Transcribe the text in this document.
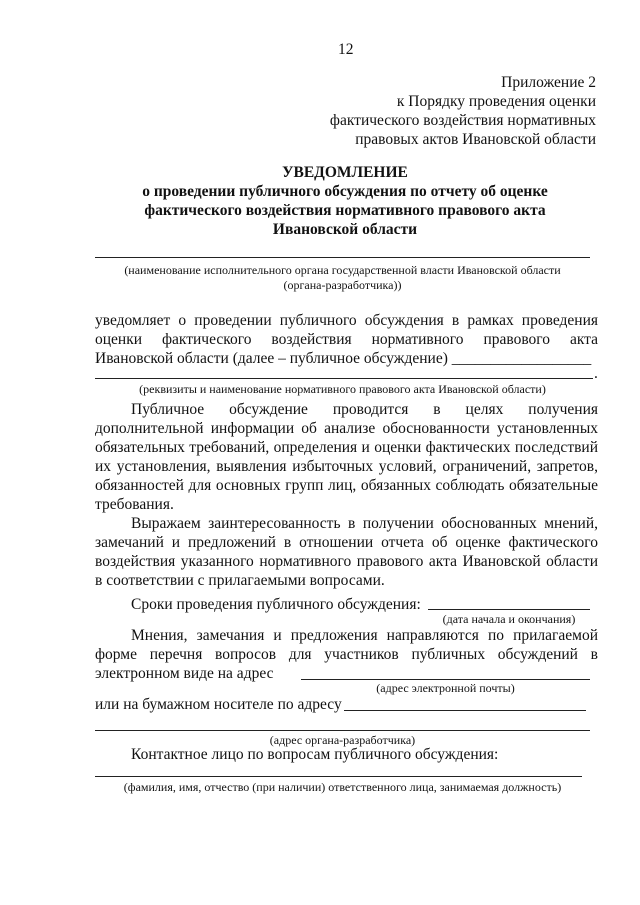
12
Приложение 2
к Порядку проведения оценки
фактического воздействия нормативных
правовых актов Ивановской области
УВЕДОМЛЕНИЕ
о проведении публичного обсуждения по отчету об оценке
фактического воздействия нормативного правового акта
Ивановской области
(наименование исполнительного органа государственной власти Ивановской области
(органа-разработчика))
уведомляет о проведении публичного обсуждения в рамках проведения
оценки фактического воздействия нормативного правового акта
Ивановской области (далее – публичное обсуждение) __________________
.
(реквизиты и наименование нормативного правового акта Ивановской области)
Публичное обсуждение проводится в целях получения
дополнительной информации об анализе обоснованности установленных
обязательных требований, определения и оценки фактических последствий
их установления, выявления избыточных условий, ограничений, запретов,
обязанностей для основных групп лиц, обязанных соблюдать обязательные
требования.
Выражаем заинтересованность в получении обоснованных мнений,
замечаний и предложений в отношении отчета об оценке фактического
воздействия указанного нормативного правового акта Ивановской области
в соответствии с прилагаемыми вопросами.
Сроки проведения публичного обсуждения:
(дата начала и окончания)
Мнения, замечания и предложения направляются по прилагаемой
форме перечня вопросов для участников публичных обсуждений в
электронном виде на адрес
(адрес электронной почты)
или на бумажном носителе по адресу
(адрес органа-разработчика)
Контактное лицо по вопросам публичного обсуждения:
(фамилия, имя, отчество (при наличии) ответственного лица, занимаемая должность)
